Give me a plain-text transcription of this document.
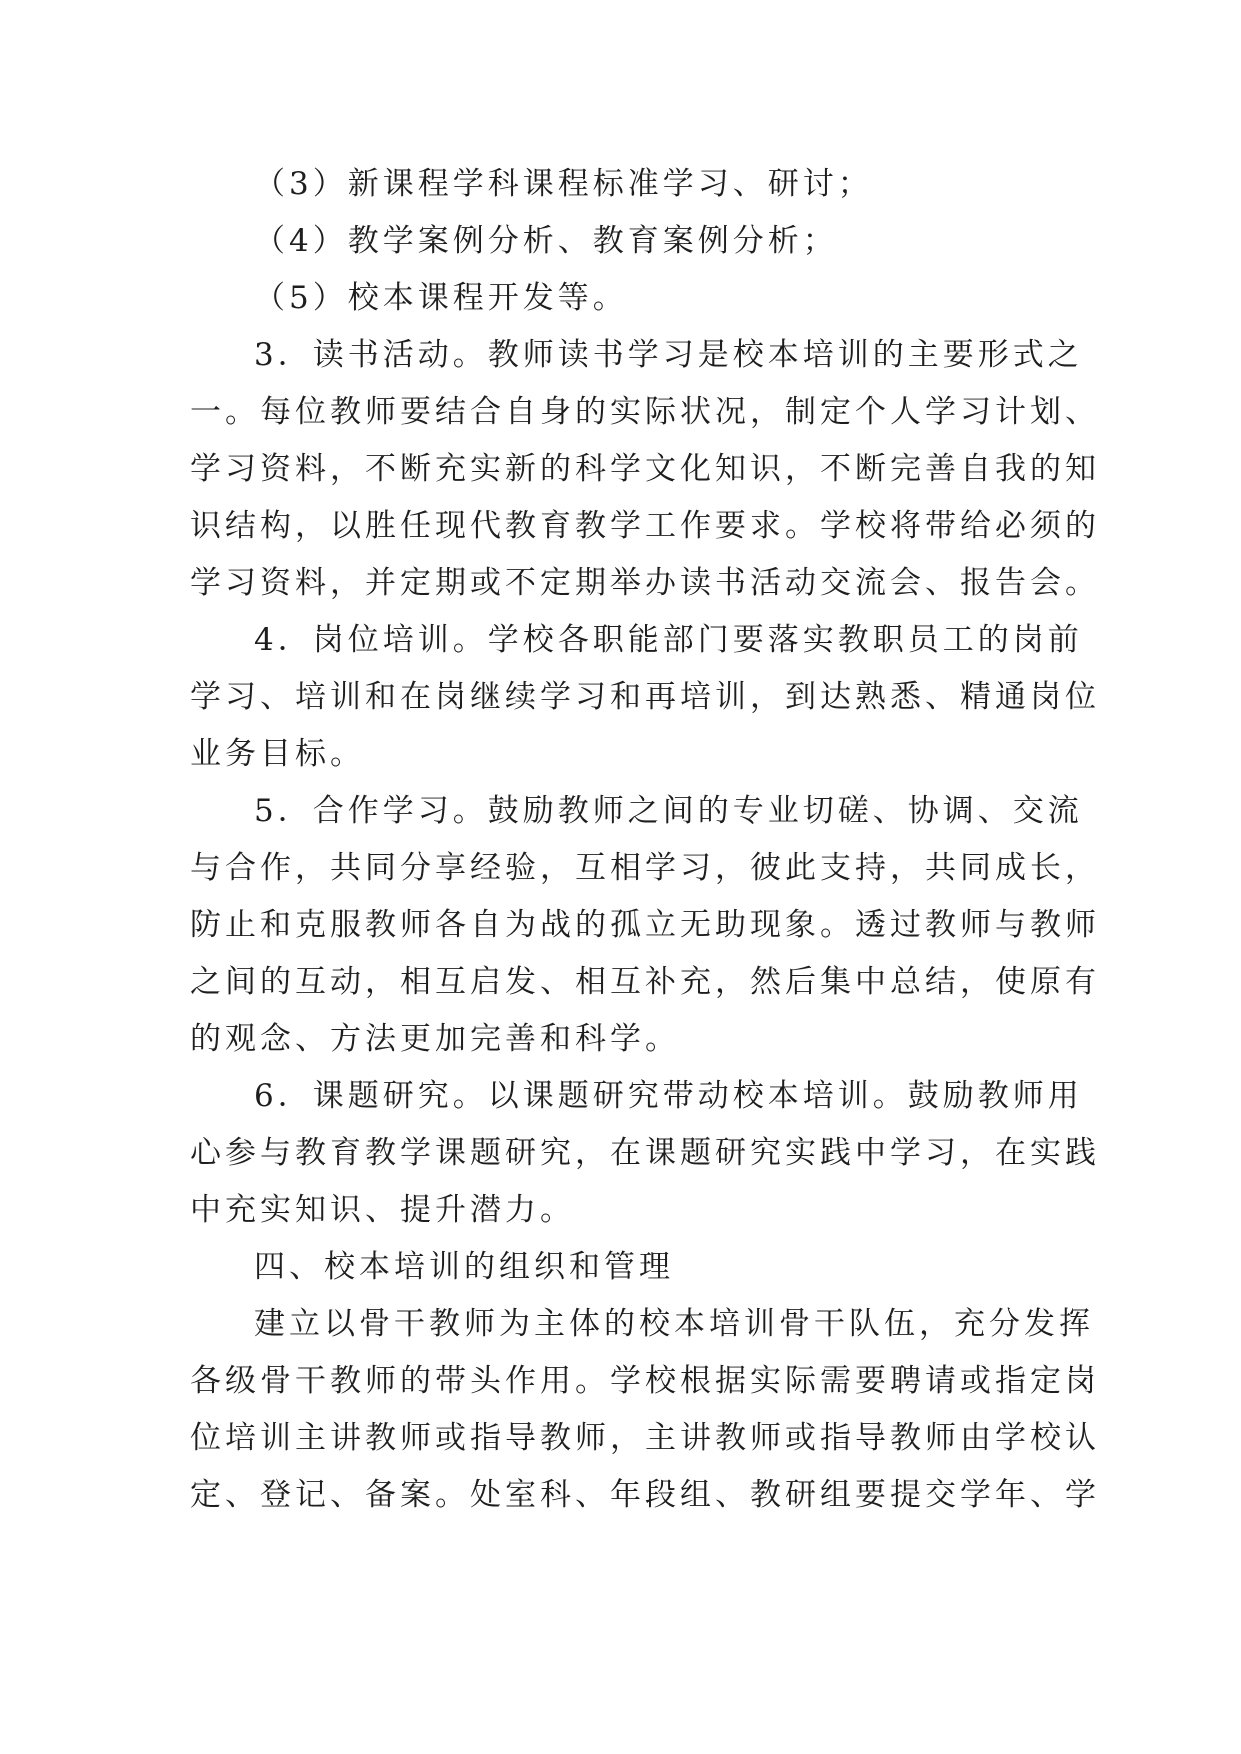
（3）新课程学科课程标准学习、研讨；

（4）教学案例分析、教育案例分析；

（5）校本课程开发等。

3．读书活动。教师读书学习是校本培训的主要形式之

一。每位教师要结合自身的实际状况，制定个人学习计划、

学习资料，不断充实新的科学文化知识，不断完善自我的知

识结构，以胜任现代教育教学工作要求。学校将带给必须的

学习资料，并定期或不定期举办读书活动交流会、报告会。

4．岗位培训。学校各职能部门要落实教职员工的岗前

学习、培训和在岗继续学习和再培训，到达熟悉、精通岗位

业务目标。

5．合作学习。鼓励教师之间的专业切磋、协调、交流

与合作，共同分享经验，互相学习，彼此支持，共同成长，

防止和克服教师各自为战的孤立无助现象。透过教师与教师

之间的互动，相互启发、相互补充，然后集中总结，使原有

的观念、方法更加完善和科学。

6．课题研究。以课题研究带动校本培训。鼓励教师用

心参与教育教学课题研究，在课题研究实践中学习，在实践

中充实知识、提升潜力。

四、校本培训的组织和管理

建立以骨干教师为主体的校本培训骨干队伍，充分发挥

各级骨干教师的带头作用。学校根据实际需要聘请或指定岗

位培训主讲教师或指导教师，主讲教师或指导教师由学校认

定、登记、备案。处室科、年段组、教研组要提交学年、学
